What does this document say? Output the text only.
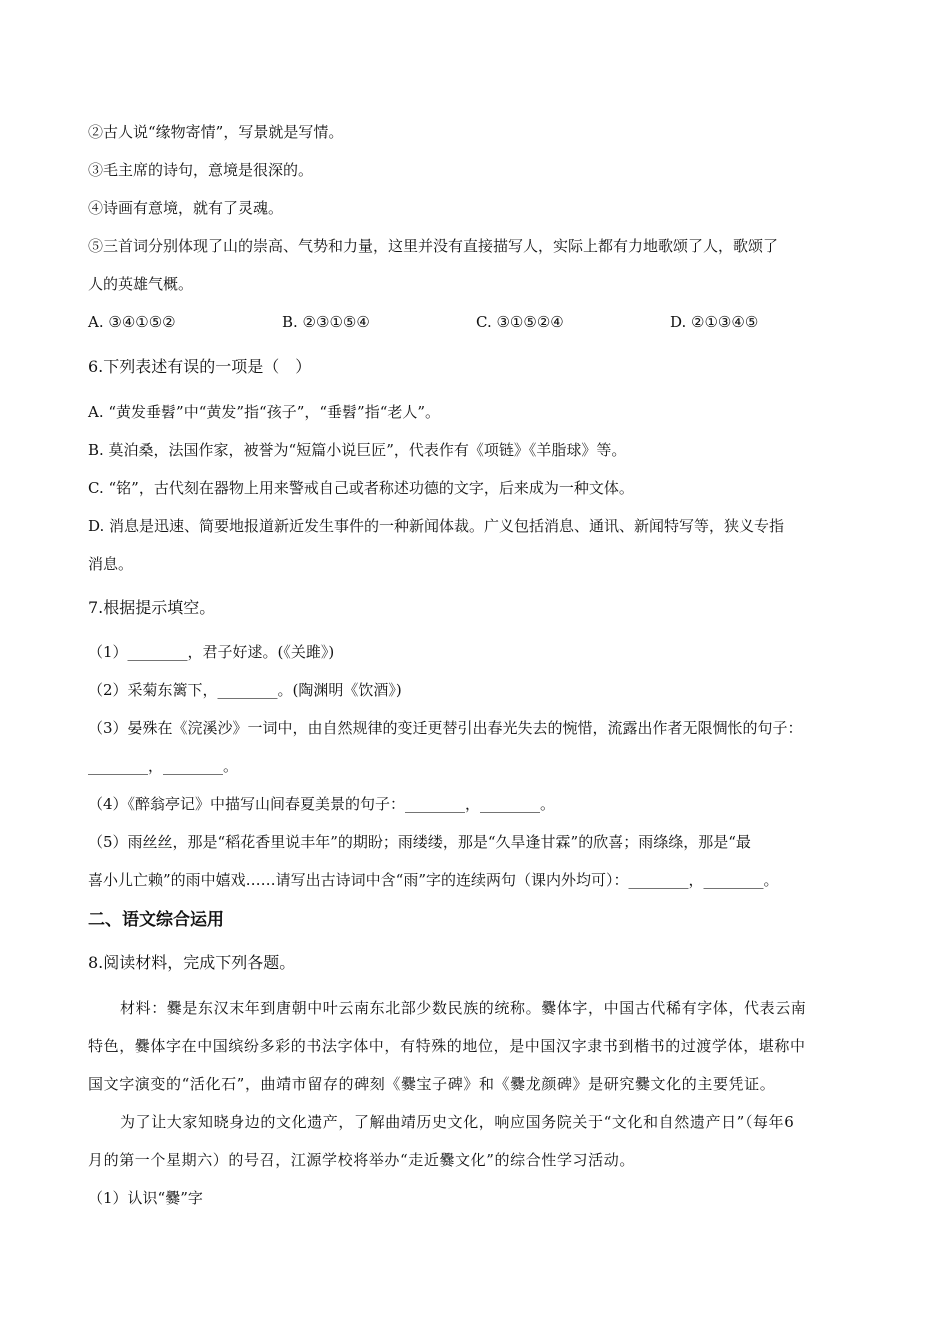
②古人说“缘物寄情”，写景就是写情。

③毛主席的诗句，意境是很深的。

④诗画有意境，就有了灵魂。

⑤三首词分别体现了山的崇高、气势和力量，这里并没有直接描写人，实际上都有力地歌颂了人，歌颂了

人的英雄气概。

A. ③④①⑤②	B. ②③①⑤④	C. ③①⑤②④	D. ②①③④⑤

6.下列表述有误的一项是（　）

A. “黄发垂髫”中“黄发”指“孩子”，“垂髫”指“老人”。

B. 莫泊桑，法国作家，被誉为“短篇小说巨匠”，代表作有《项链》《羊脂球》等。

C. “铭”，古代刻在器物上用来警戒自己或者称述功德的文字，后来成为一种文体。

D. 消息是迅速、简要地报道新近发生事件的一种新闻体裁。广义包括消息、通讯、新闻特写等，狭义专指

消息。

7.根据提示填空。

（1）________，君子好逑。(《关雎》)

（2）采菊东篱下，________。(陶渊明《饮酒》)

（3）晏殊在《浣溪沙》一词中，由自然规律的变迁更替引出春光失去的惋惜，流露出作者无限惆怅的句子：

________，________。

（4）《醉翁亭记》中描写山间春夏美景的句子：________，________。

（5）雨丝丝，那是“稻花香里说丰年”的期盼；雨缕缕，那是“久旱逢甘霖”的欣喜；雨绦绦，那是“最

喜小儿亡赖”的雨中嬉戏……请写出古诗词中含“雨”字的连续两句（课内外均可）：________，________。

二、语文综合运用

8.阅读材料，完成下列各题。

材料：爨是东汉末年到唐朝中叶云南东北部少数民族的统称。爨体字，中国古代稀有字体，代表云南

特色，爨体字在中国缤纷多彩的书法字体中，有特殊的地位，是中国汉字隶书到楷书的过渡学体，堪称中

国文字演变的“活化石”，曲靖市留存的碑刻《爨宝子碑》和《爨龙颜碑》是研究爨文化的主要凭证。

为了让大家知晓身边的文化遗产，了解曲靖历史文化，响应国务院关于“文化和自然遗产日”（每年6

月的第一个星期六）的号召，江源学校将举办“走近爨文化”的综合性学习活动。

（1）认识“爨”字
